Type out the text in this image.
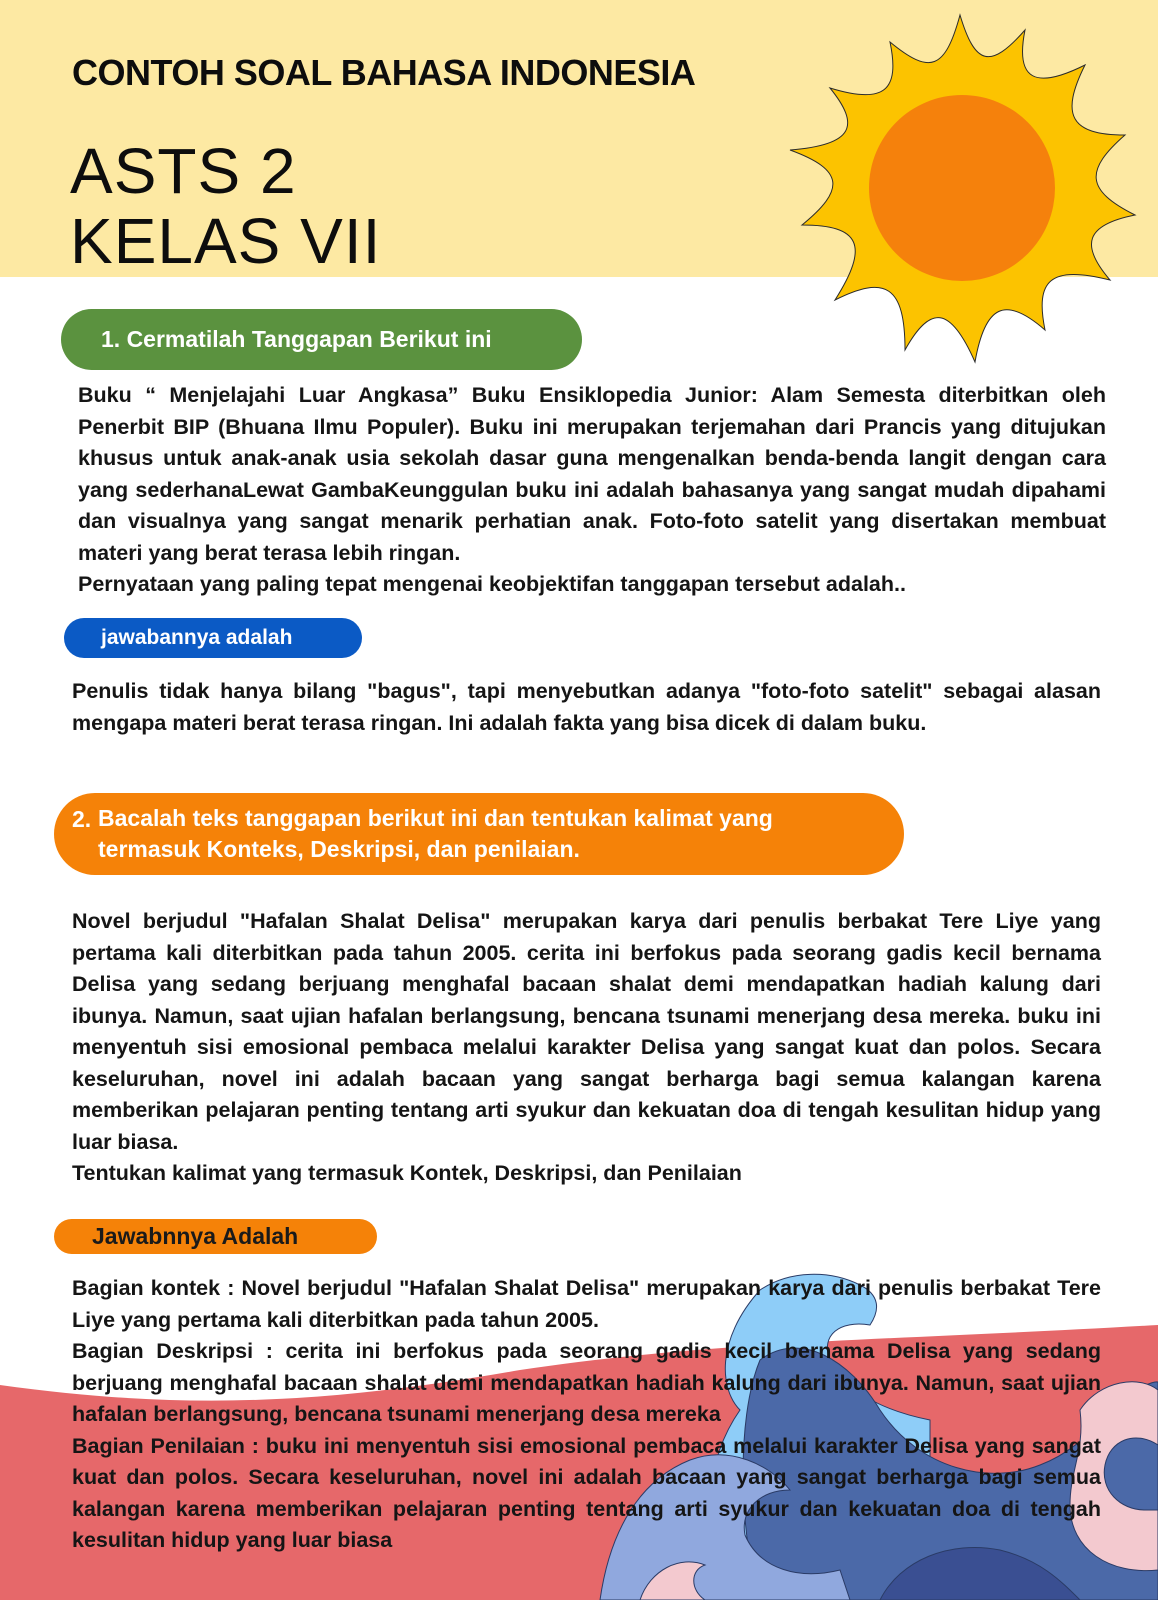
CONTOH SOAL BAHASA INDONESIA
ASTS 2
KELAS VII
1. Cermatilah Tanggapan Berikut ini
Buku “ Menjelajahi Luar Angkasa” Buku Ensiklopedia Junior: Alam Semesta diterbitkan oleh Penerbit BIP (Bhuana Ilmu Populer). Buku ini merupakan terjemahan dari Prancis yang ditujukan khusus untuk anak-anak usia sekolah dasar guna mengenalkan benda-benda langit dengan cara yang sederhanaLewat GambaKeunggulan buku ini adalah bahasanya yang sangat mudah dipahami dan visualnya yang sangat menarik perhatian anak. Foto-foto satelit yang disertakan membuat materi yang berat terasa lebih ringan.
Pernyataan yang paling tepat mengenai keobjektifan tanggapan tersebut adalah..
jawabannya adalah
Penulis tidak hanya bilang "bagus", tapi menyebutkan adanya "foto-foto satelit" sebagai alasan mengapa materi berat terasa ringan. Ini adalah fakta yang bisa dicek di dalam buku.
2. Bacalah teks tanggapan berikut ini dan tentukan kalimat yang termasuk Konteks, Deskripsi, dan penilaian.
Novel berjudul "Hafalan Shalat Delisa" merupakan karya dari penulis berbakat Tere Liye yang pertama kali diterbitkan pada tahun 2005. cerita ini berfokus pada seorang gadis kecil bernama Delisa yang sedang berjuang menghafal bacaan shalat demi mendapatkan hadiah kalung dari ibunya. Namun, saat ujian hafalan berlangsung, bencana tsunami menerjang desa mereka. buku ini menyentuh sisi emosional pembaca melalui karakter Delisa yang sangat kuat dan polos. Secara keseluruhan, novel ini adalah bacaan yang sangat berharga bagi semua kalangan karena memberikan pelajaran penting tentang arti syukur dan kekuatan doa di tengah kesulitan hidup yang luar biasa.
Tentukan kalimat yang termasuk Kontek, Deskripsi, dan Penilaian
Jawabnnya Adalah
Bagian kontek : Novel berjudul "Hafalan Shalat Delisa" merupakan karya dari penulis berbakat Tere Liye yang pertama kali diterbitkan pada tahun 2005.
Bagian Deskripsi : cerita ini berfokus pada seorang gadis kecil bernama Delisa yang sedang berjuang menghafal bacaan shalat demi mendapatkan hadiah kalung dari ibunya. Namun, saat ujian hafalan berlangsung, bencana tsunami menerjang desa mereka
Bagian Penilaian : buku ini menyentuh sisi emosional pembaca melalui karakter Delisa yang sangat kuat dan polos. Secara keseluruhan, novel ini adalah bacaan yang sangat berharga bagi semua kalangan karena memberikan pelajaran penting tentang arti syukur dan kekuatan doa di tengah kesulitan hidup yang luar biasa
